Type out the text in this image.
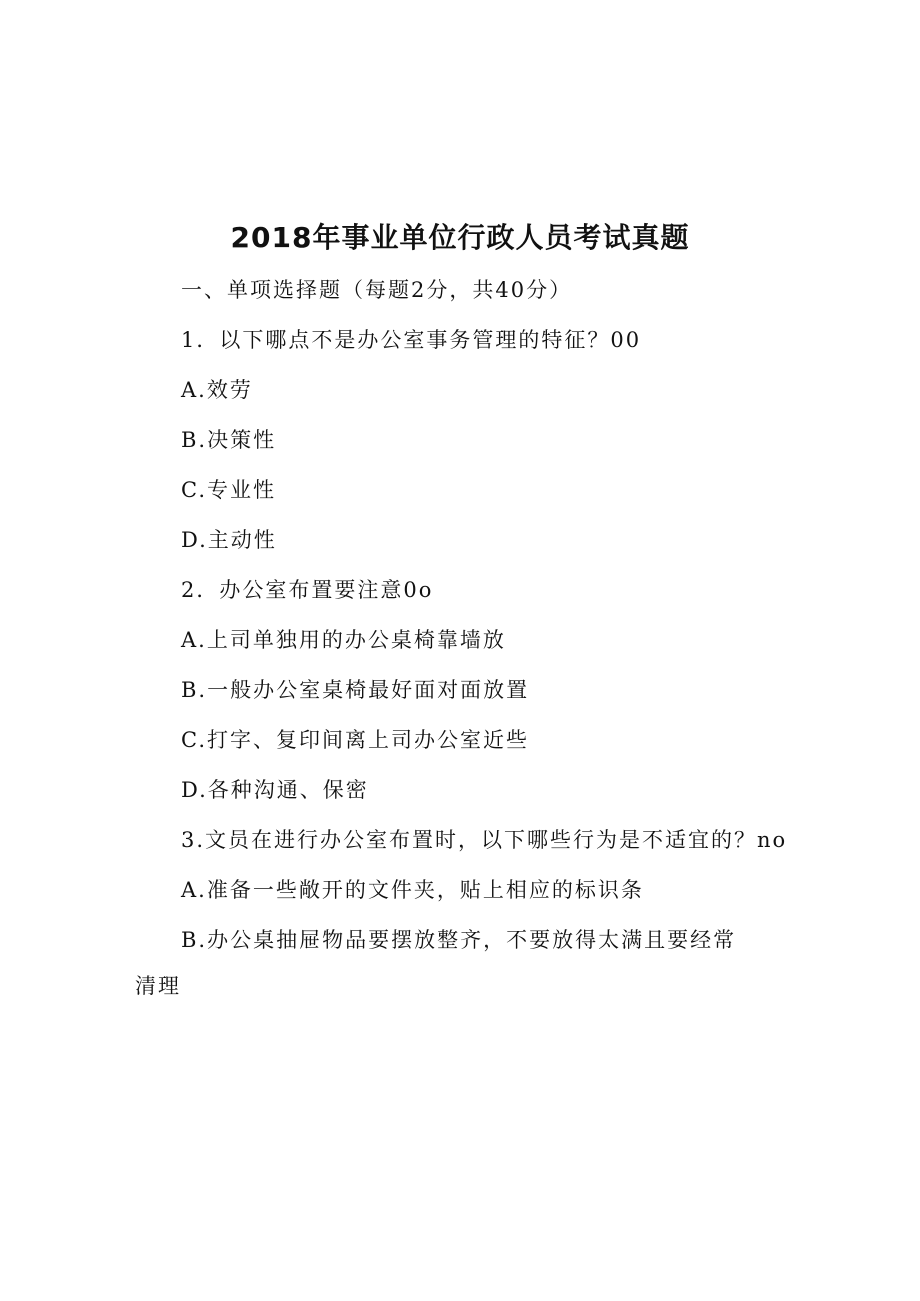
2018年事业单位行政人员考试真题

一、单项选择题（每题2分，共40分）

1．以下哪点不是办公室事务管理的特征？00

A.效劳

B.决策性

C.专业性

D.主动性

2．办公室布置要注意0o

A.上司单独用的办公桌椅靠墙放

B.一般办公室桌椅最好面对面放置

C.打字、复印间离上司办公室近些

D.各种沟通、保密

3.文员在进行办公室布置时，以下哪些行为是不适宜的？no

A.准备一些敞开的文件夹，贴上相应的标识条

B.办公桌抽屉物品要摆放整齐，不要放得太满且要经常

清理
